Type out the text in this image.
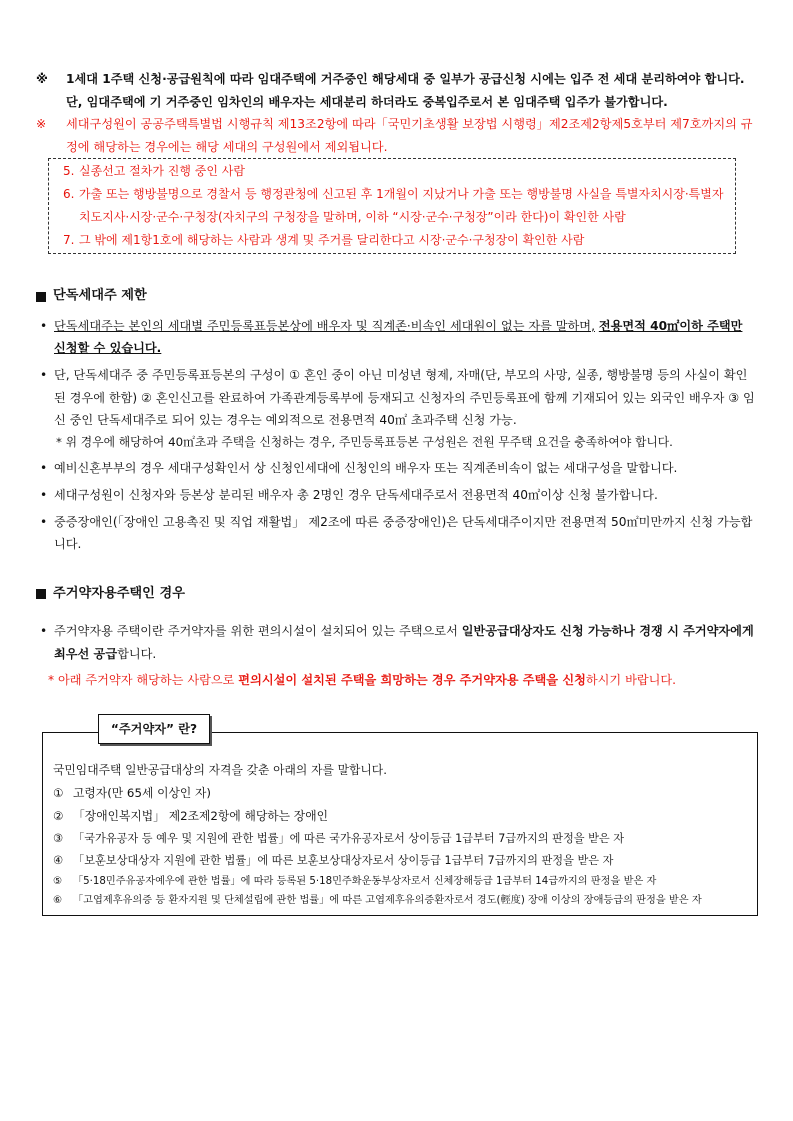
※ 1세대 1주택 신청·공급원칙에 따라 임대주택에 거주중인 해당세대 중 일부가 공급신청 시에는 입주 전 세대 분리하여야 합니다. 단, 임대주택에 기 거주중인 임차인의 배우자는 세대분리 하더라도 중복입주로서 본 임대주택 입주가 불가합니다.
※ 세대구성원이 공공주택특별법 시행규칙 제13조2항에 따라「국민기초생활 보장법 시행령」제2조제2항제5호부터 제7호까지의 규정에 해당하는 경우에는 해당 세대의 구성원에서 제외됩니다.
5. 실종선고 절차가 진행 중인 사람
6. 가출 또는 행방불명으로 경찰서 등 행정관청에 신고된 후 1개월이 지났거나 가출 또는 행방불명 사실을 특별자치시장·특별자치도지사·시장·군수·구청장(자치구의 구청장을 말하며, 이하 “시장·군수·구청장”이라 한다)이 확인한 사람
7. 그 밖에 제1항1호에 해당하는 사람과 생계 및 주거를 달리한다고 시장·군수·구청장이 확인한 사람
단독세대주 제한
• 단독세대주는 본인의 세대별 주민등록표등본상에 배우자 및 직계존·비속인 세대원이 없는 자를 말하며, 전용면적 40㎡이하 주택만 신청할 수 있습니다.
• 단, 단독세대주 중 주민등록표등본의 구성이 ① 혼인 중이 아닌 미성년 형제, 자매(단, 부모의 사망, 실종, 행방불명 등의 사실이 확인된 경우에 한함) ② 혼인신고를 완료하여 가족관계등록부에 등재되고 신청자의 주민등록표에 함께 기재되어 있는 외국인 배우자 ③ 임신 중인 단독세대주로 되어 있는 경우는 예외적으로 전용면적 40㎡ 초과주택 신청 가능.
* 위 경우에 해당하여 40㎡초과 주택을 신청하는 경우, 주민등록표등본 구성원은 전원 무주택 요건을 충족하여야 합니다.
• 예비신혼부부의 경우 세대구성확인서 상 신청인세대에 신청인의 배우자 또는 직계존비속이 없는 세대구성을 말합니다.
• 세대구성원이 신청자와 등본상 분리된 배우자 총 2명인 경우 단독세대주로서 전용면적 40㎡이상 신청 불가합니다.
• 중증장애인(「장애인 고용촉진 및 직업 재활법」 제2조에 따른 중증장애인)은 단독세대주이지만 전용면적 50㎡미만까지 신청 가능합니다.
주거약자용주택인 경우
• 주거약자용 주택이란 주거약자를 위한 편의시설이 설치되어 있는 주택으로서 일반공급대상자도 신청 가능하나 경쟁 시 주거약자에게 최우선 공급합니다.
* 아래 주거약자 해당하는 사람으로 편의시설이 설치된 주택을 희망하는 경우 주거약자용 주택을 신청하시기 바랍니다.
국민임대주택 일반공급대상의 자격을 갖춘 아래의 자를 말합니다.
① 고령자(만 65세 이상인 자)
② 「장애인복지법」 제2조제2항에 해당하는 장애인
③ 「국가유공자 등 예우 및 지원에 관한 법률」에 따른 국가유공자로서 상이등급 1급부터 7급까지의 판정을 받은 자
④ 「보훈보상대상자 지원에 관한 법률」에 따른 보훈보상대상자로서 상이등급 1급부터 7급까지의 판정을 받은 자
⑤ 「5·18민주유공자예우에 관한 법률」에 따라 등록된 5·18민주화운동부상자로서 신체장해등급 1급부터 14급까지의 판정을 받은 자
⑥ 「고엽제후유의증 등 환자지원 및 단체설립에 관한 법률」에 따른 고엽제후유의증환자로서 경도(輕度) 장애 이상의 장애등급의 판정을 받은 자
“주거약자” 란?
